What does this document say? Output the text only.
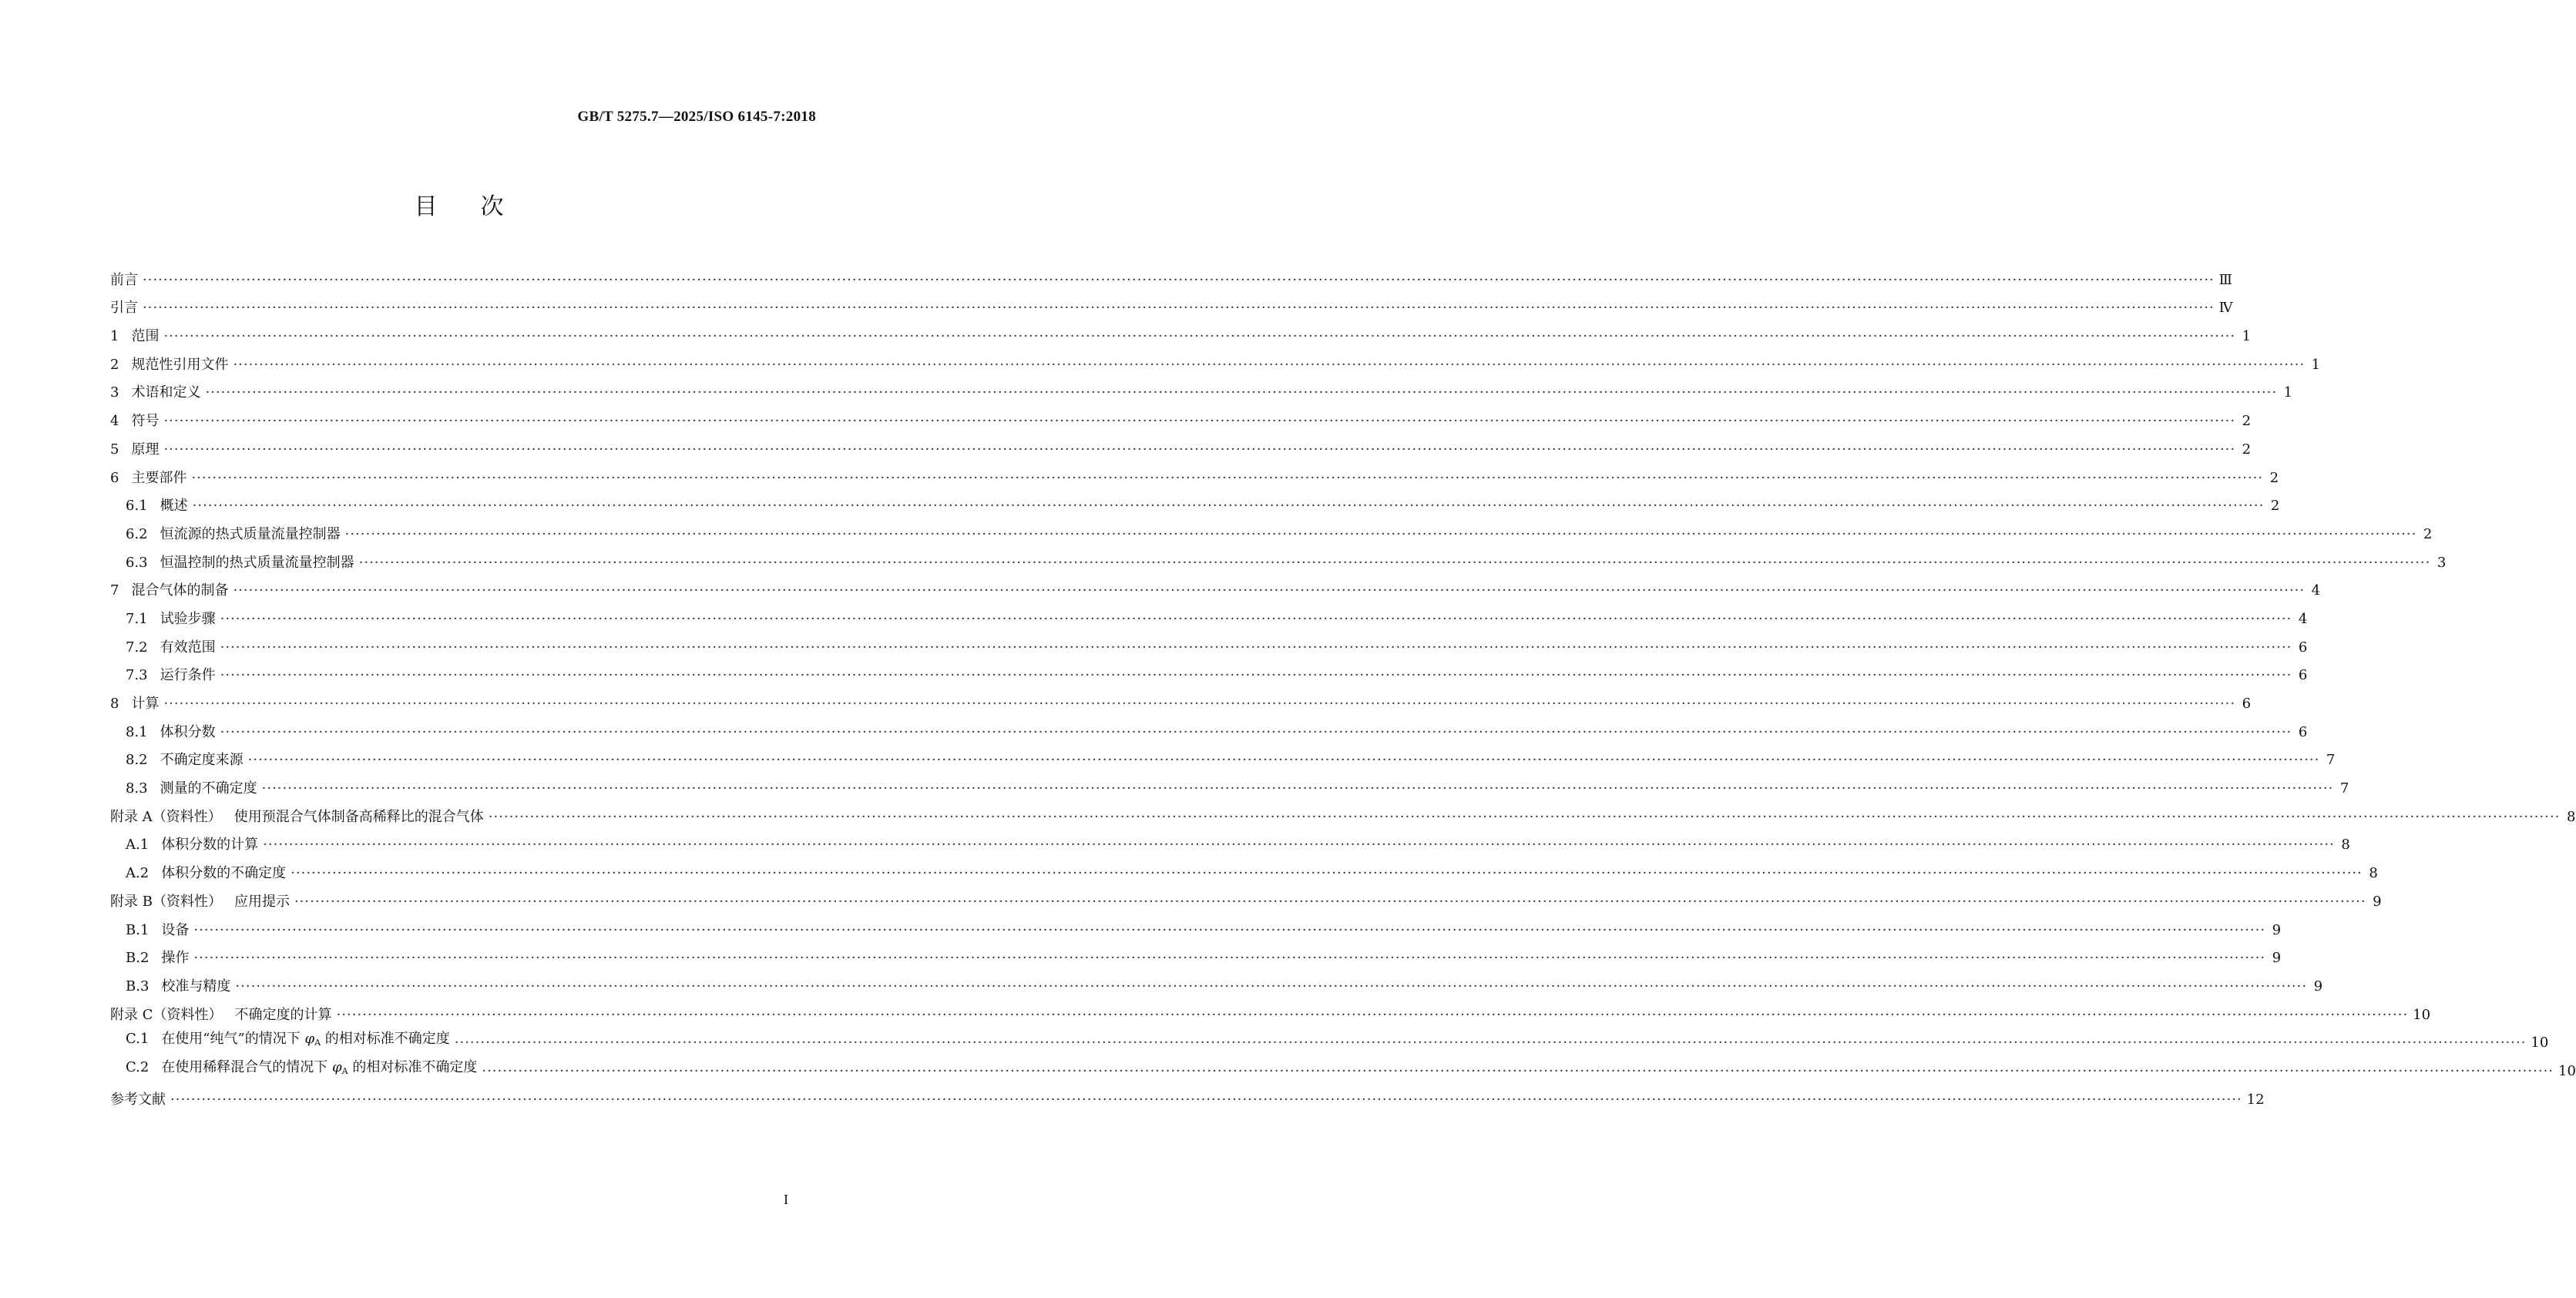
GB/T 5275.7—2025/ISO 6145-7:2018
目次
前言 ················································································································································································································································································································································································································ Ⅲ
引言 ················································································································································································································································································································································································································ Ⅳ
1 范围 ················································································································································································································································································································································································································ 1
2 规范性引用文件 ················································································································································································································································································································································································································ 1
3 术语和定义 ················································································································································································································································································································································································································ 1
4 符号 ················································································································································································································································································································································································································ 2
5 原理 ················································································································································································································································································································································································································ 2
6 主要部件 ················································································································································································································································································································································································································ 2
6.1 概述 ················································································································································································································································································································································································································ 2
6.2 恒流源的热式质量流量控制器 ················································································································································································································································································································································································································ 2
6.3 恒温控制的热式质量流量控制器 ················································································································································································································································································································································································································ 3
7 混合气体的制备 ················································································································································································································································································································································································································ 4
7.1 试验步骤 ················································································································································································································································································································································································································ 4
7.2 有效范围 ················································································································································································································································································································································································································ 6
7.3 运行条件 ················································································································································································································································································································································································································ 6
8 计算 ················································································································································································································································································································································································································ 6
8.1 体积分数 ················································································································································································································································································································································································································ 6
8.2 不确定度来源 ················································································································································································································································································································································································································ 7
8.3 测量的不确定度 ················································································································································································································································································································································································································ 7
附录 A（资料性） 使用预混合气体制备高稀释比的混合气体 ················································································································································································································································································································································································································ 8
A.1 体积分数的计算 ················································································································································································································································································································································································································ 8
A.2 体积分数的不确定度 ················································································································································································································································································································································································································ 8
附录 B（资料性） 应用提示 ················································································································································································································································································································································································································ 9
B.1 设备 ················································································································································································································································································································································································································ 9
B.2 操作 ················································································································································································································································································································································································································ 9
B.3 校准与精度 ················································································································································································································································································································································································································ 9
附录 C（资料性） 不确定度的计算 ················································································································································································································································································································································································································ 10
C.1 在使用“纯气”的情况下 $\varphi_A$ 的相对标准不确定度 ················································································································································································································································································································································································································ 10
C.2 在使用稀释混合气的情况下 $\varphi_A$ 的相对标准不确定度 ················································································································································································································································································································································································································ 10
参考文献 ················································································································································································································································································································································································································ 12
I
